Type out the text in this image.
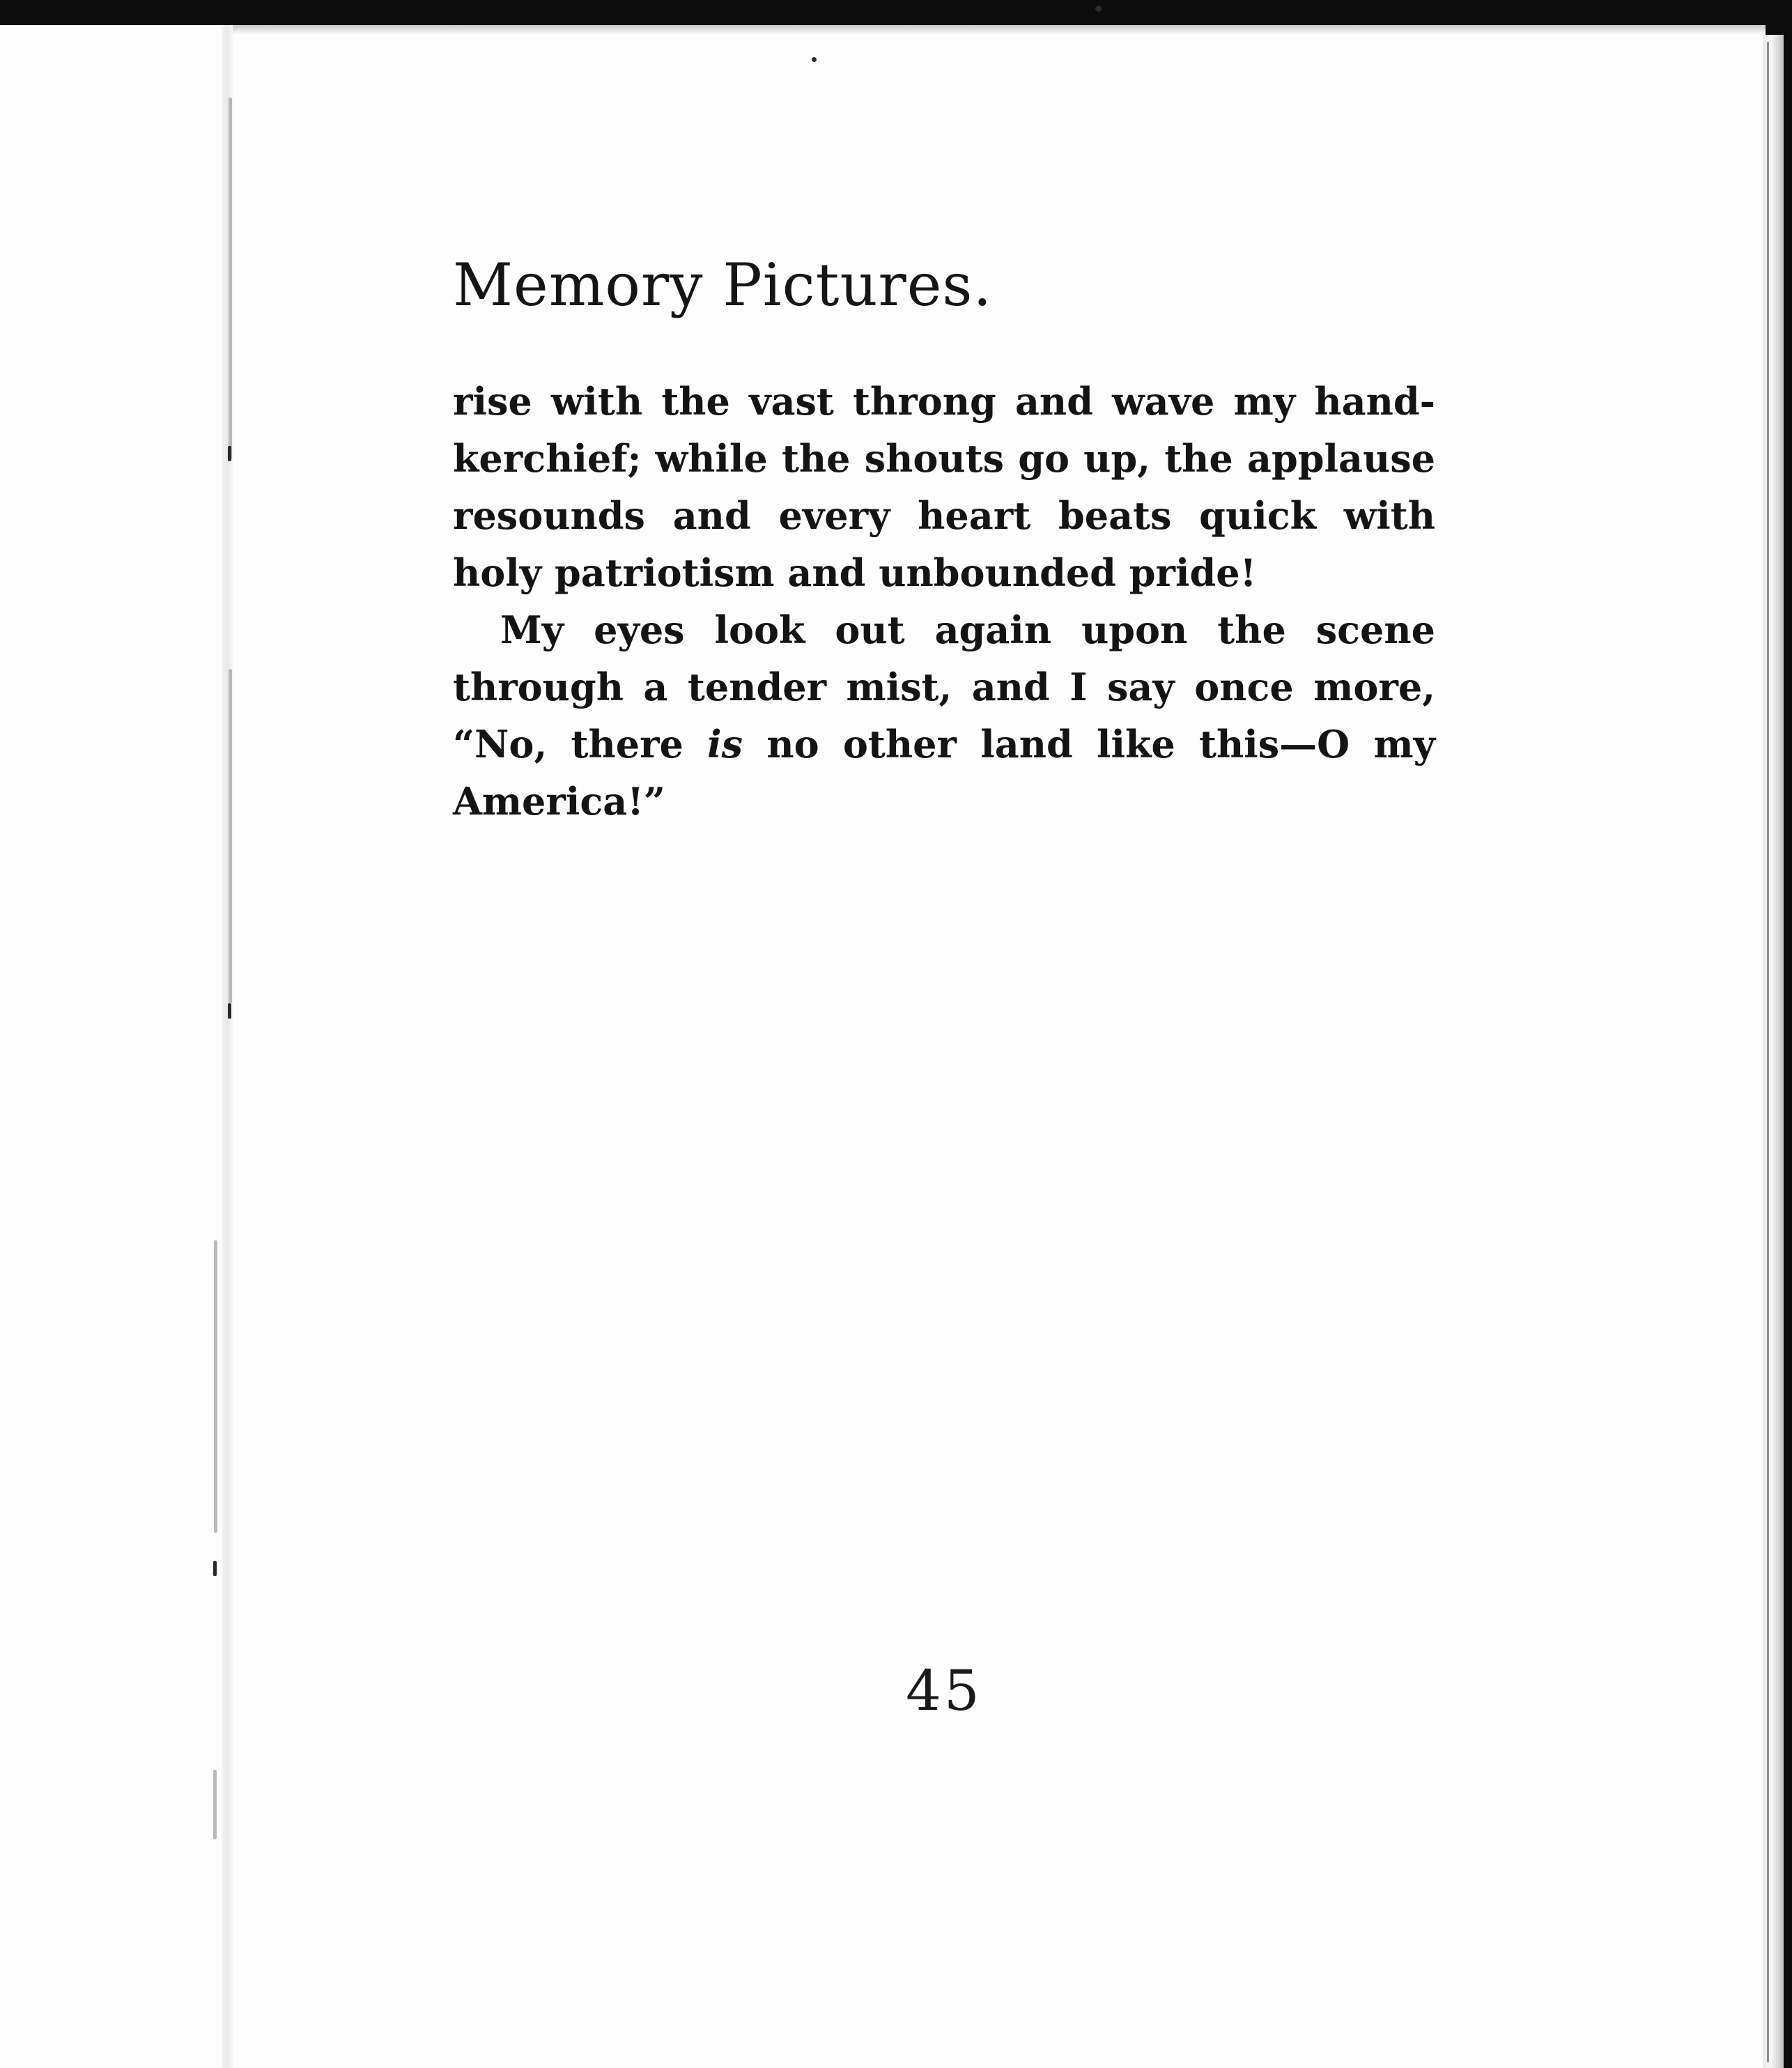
Memory Pictures.

rise with the vast throng and wave my hand-kerchief; while the shouts go up, the applause resounds and every heart beats quick with holy patriotism and unbounded pride!

My eyes look out again upon the scene through a tender mist, and I say once more, “No, there is no other land like this—O my America!”

45
